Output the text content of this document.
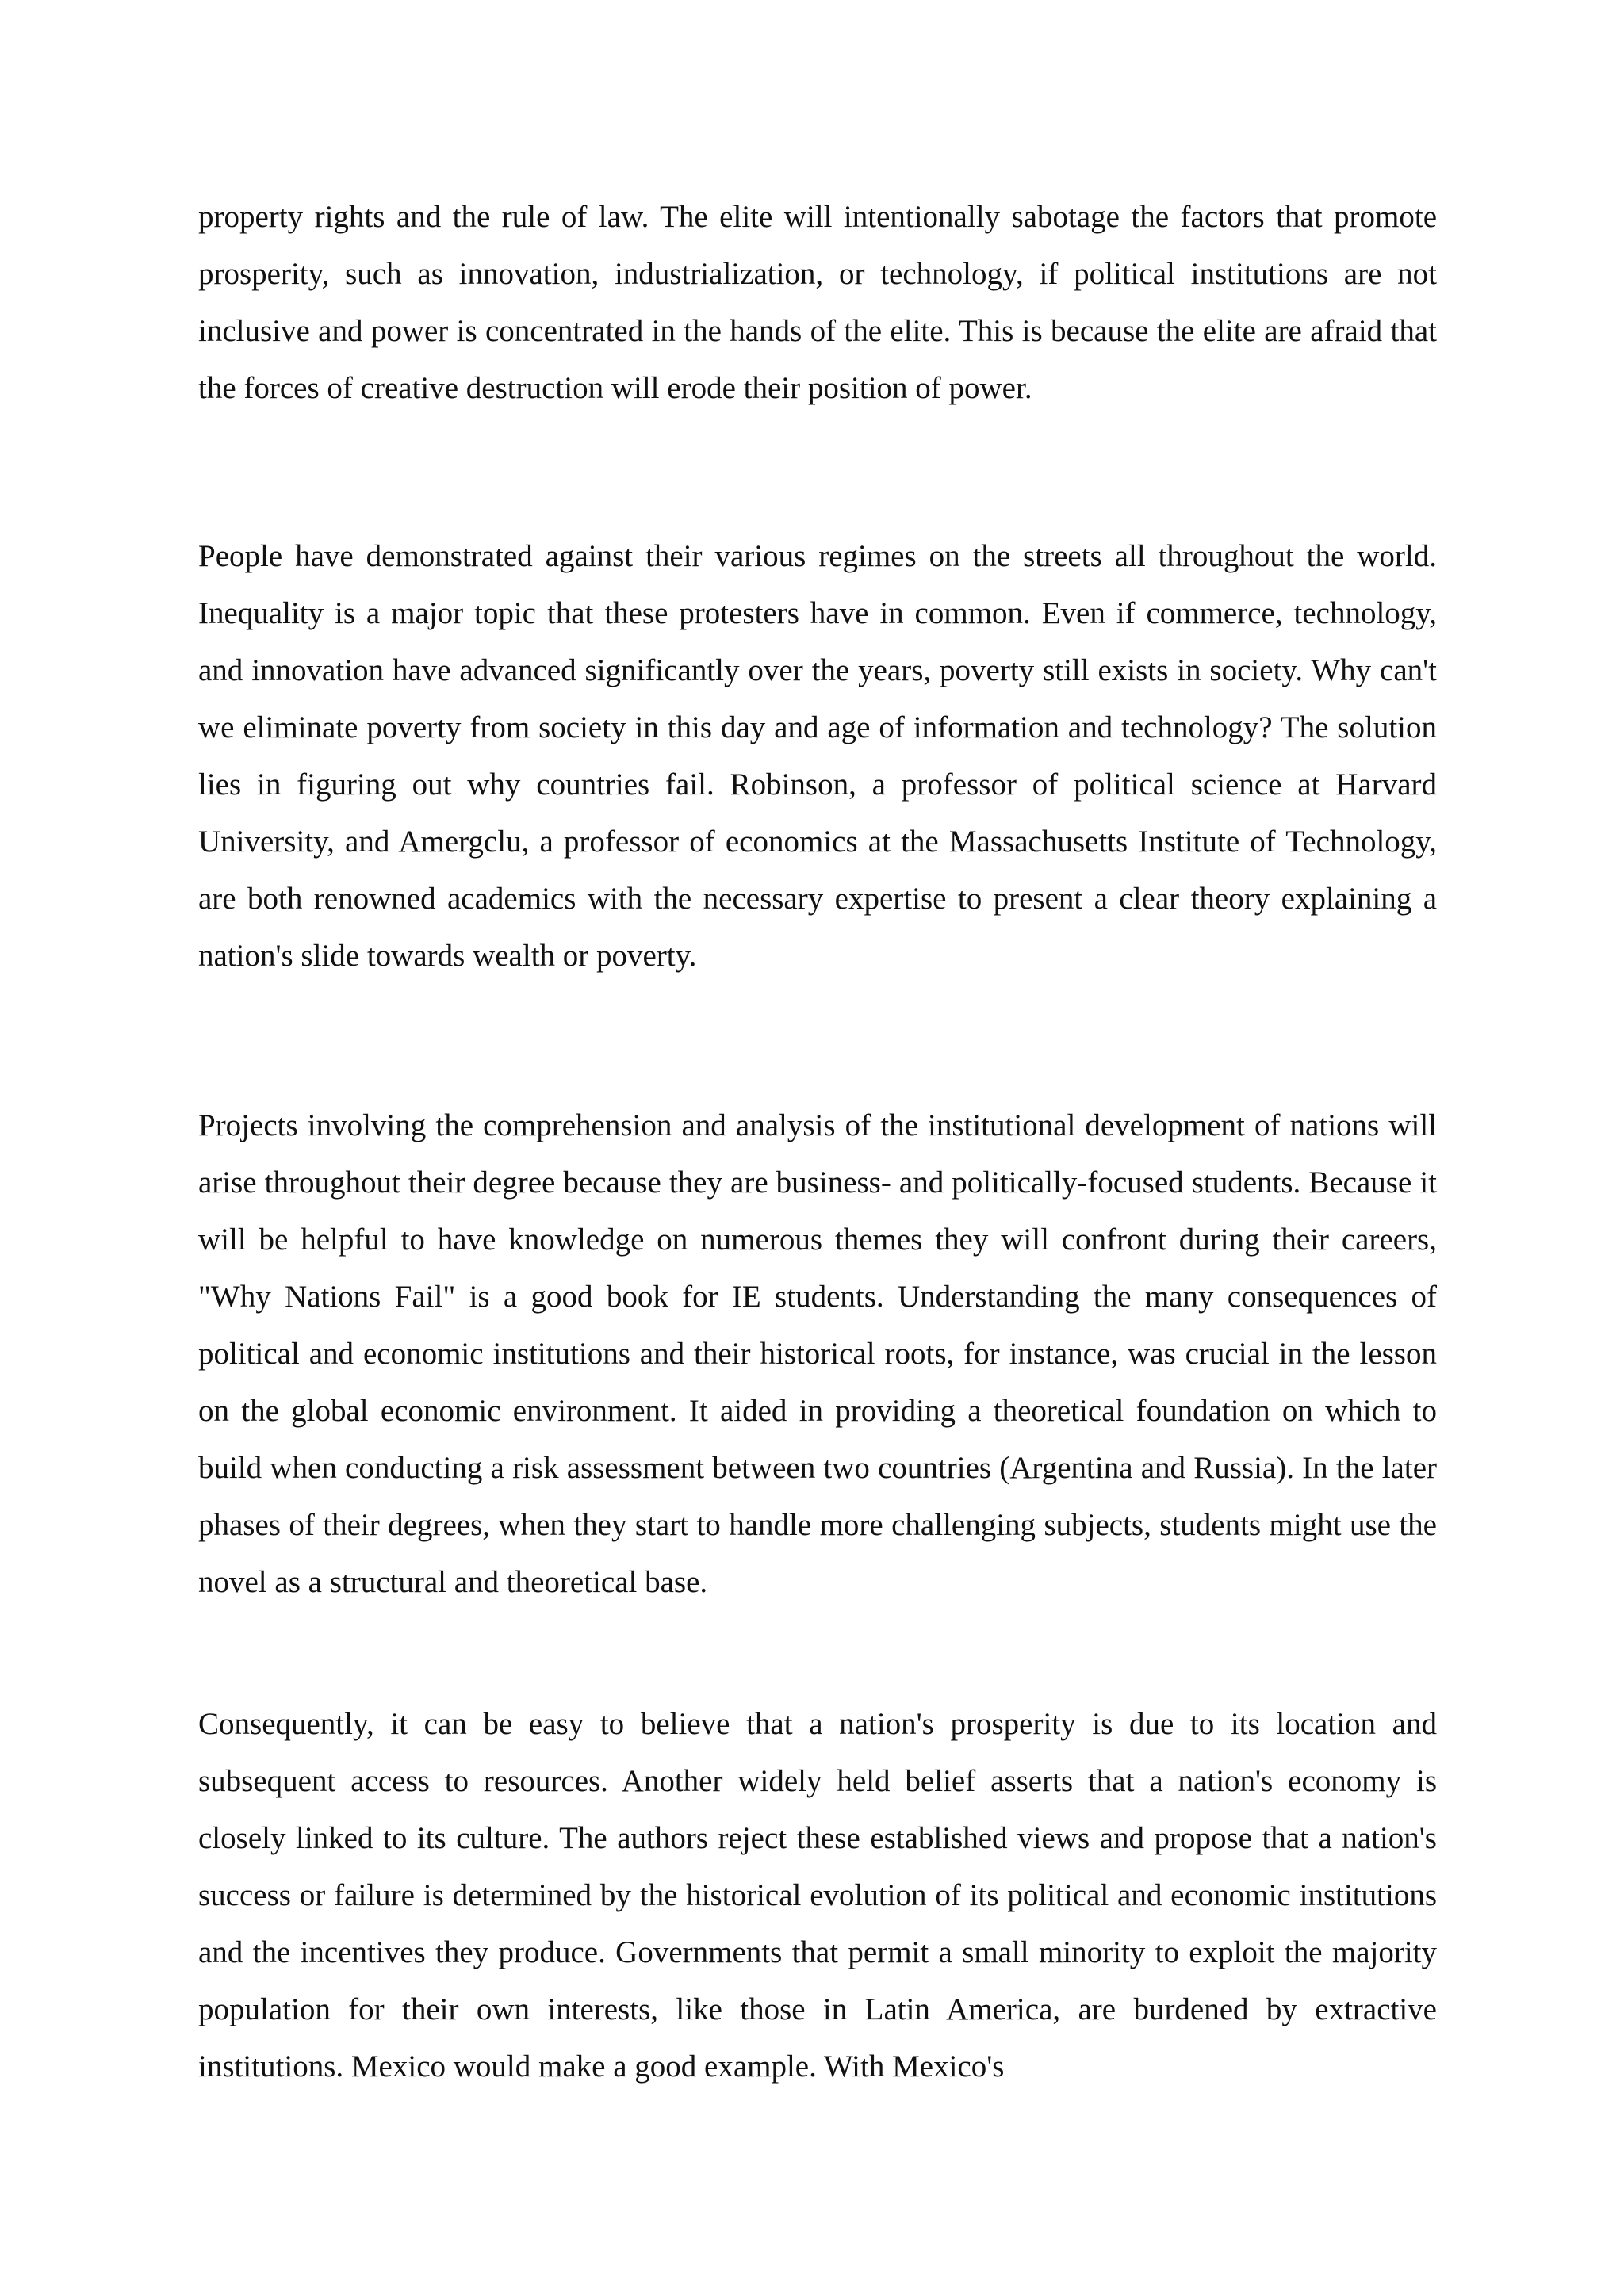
property rights and the rule of law. The elite will intentionally sabotage the factors that promote prosperity, such as innovation, industrialization, or technology, if political institutions are not inclusive and power is concentrated in the hands of the elite. This is because the elite are afraid that the forces of creative destruction will erode their position of power.

People have demonstrated against their various regimes on the streets all throughout the world. Inequality is a major topic that these protesters have in common. Even if commerce, technology, and innovation have advanced significantly over the years, poverty still exists in society. Why can't we eliminate poverty from society in this day and age of information and technology? The solution lies in figuring out why countries fail. Robinson, a professor of political science at Harvard University, and Amergclu, a professor of economics at the Massachusetts Institute of Technology, are both renowned academics with the necessary expertise to present a clear theory explaining a nation's slide towards wealth or poverty.

Projects involving the comprehension and analysis of the institutional development of nations will arise throughout their degree because they are business- and politically-focused students. Because it will be helpful to have knowledge on numerous themes they will confront during their careers, "Why Nations Fail" is a good book for IE students. Understanding the many consequences of political and economic institutions and their historical roots, for instance, was crucial in the lesson on the global economic environment. It aided in providing a theoretical foundation on which to build when conducting a risk assessment between two countries (Argentina and Russia). In the later phases of their degrees, when they start to handle more challenging subjects, students might use the novel as a structural and theoretical base.

Consequently, it can be easy to believe that a nation's prosperity is due to its location and subsequent access to resources. Another widely held belief asserts that a nation's economy is closely linked to its culture. The authors reject these established views and propose that a nation's success or failure is determined by the historical evolution of its political and economic institutions and the incentives they produce. Governments that permit a small minority to exploit the majority population for their own interests, like those in Latin America, are burdened by extractive institutions. Mexico would make a good example. With Mexico's
